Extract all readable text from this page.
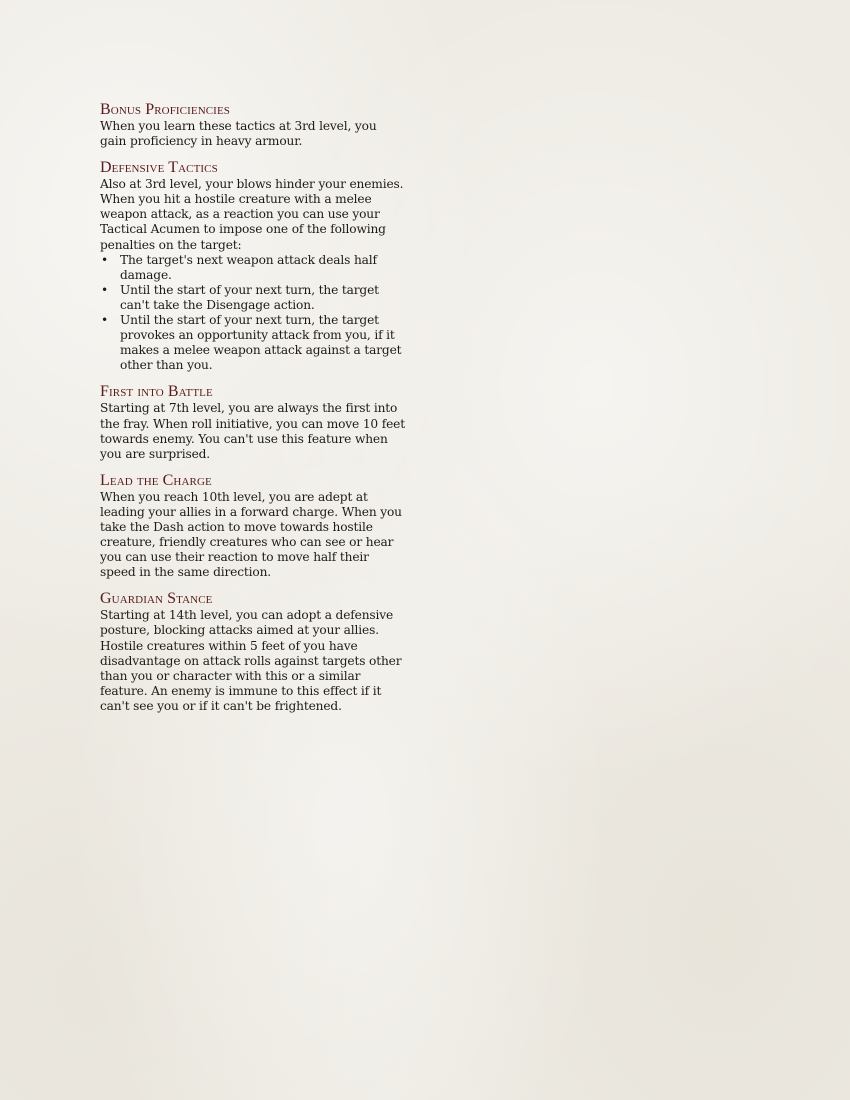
Bonus Proficiencies

When you learn these tactics at 3rd level, you gain proficiency in heavy armour.

Defensive Tactics

Also at 3rd level, your blows hinder your enemies. When you hit a hostile creature with a melee weapon attack, as a reaction you can use your Tactical Acumen to impose one of the following penalties on the target:

• The target's next weapon attack deals half damage.
• Until the start of your next turn, the target can't take the Disengage action.
• Until the start of your next turn, the target provokes an opportunity attack from you, if it makes a melee weapon attack against a target other than you.
First into Battle

Starting at 7th level, you are always the first into the fray. When roll initiative, you can move 10 feet towards enemy. You can't use this feature when you are surprised.

Lead the Charge

When you reach 10th level, you are adept at leading your allies in a forward charge. When you take the Dash action to move towards hostile creature, friendly creatures who can see or hear you can use their reaction to move half their speed in the same direction.

Guardian Stance

Starting at 14th level, you can adopt a defensive posture, blocking attacks aimed at your allies. Hostile creatures within 5 feet of you have disadvantage on attack rolls against targets other than you or character with this or a similar feature. An enemy is immune to this effect if it can't see you or if it can't be frightened.
